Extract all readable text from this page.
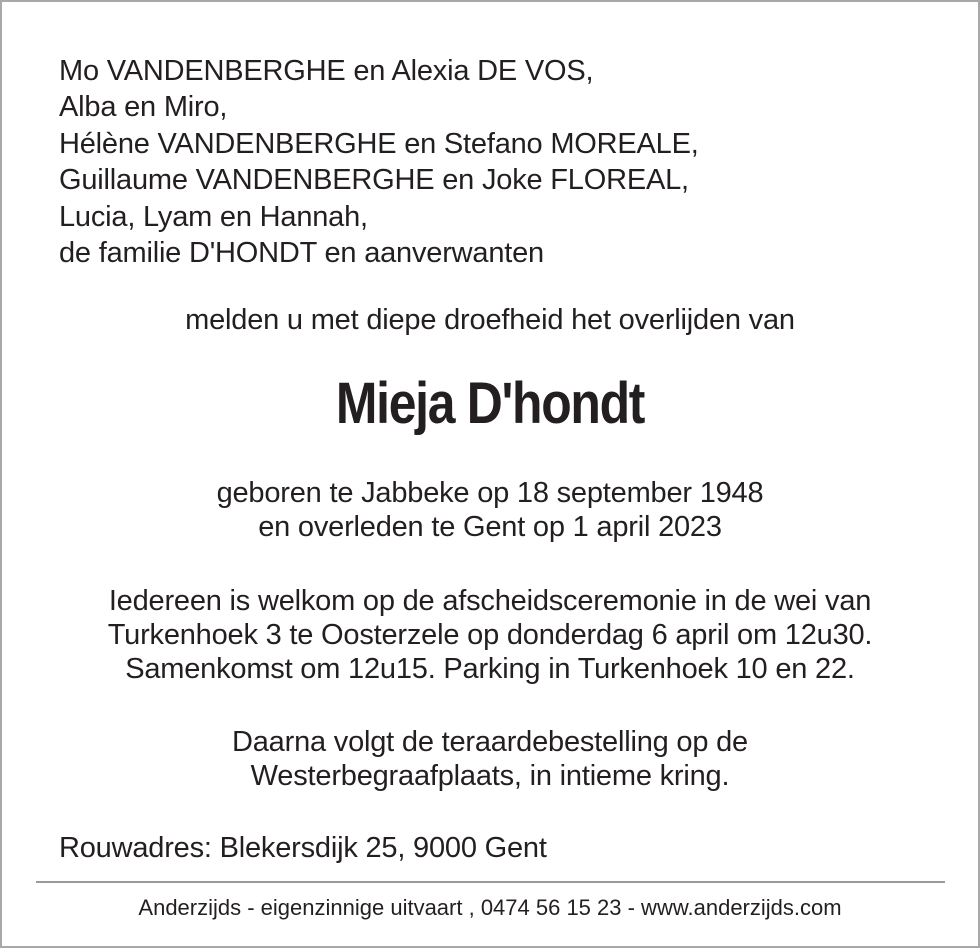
Mo VANDENBERGHE en Alexia DE VOS,
Alba en Miro,
Hélène VANDENBERGHE en Stefano MOREALE,
Guillaume VANDENBERGHE en Joke FLOREAL,
Lucia, Lyam en Hannah,
de familie D'HONDT en aanverwanten
melden u met diepe droefheid het overlijden van
Mieja D'hondt
geboren te Jabbeke op 18 september 1948
en overleden te Gent op 1 april 2023
Iedereen is welkom op de afscheidsceremonie in de wei van
Turkenhoek 3 te Oosterzele op donderdag 6 april om 12u30.
Samenkomst om 12u15. Parking in Turkenhoek 10 en 22.
Daarna volgt de teraardebestelling op de
Westerbegraafplaats, in intieme kring.
Rouwadres: Blekersdijk 25, 9000 Gent
Anderzijds - eigenzinnige uitvaart , 0474 56 15 23 - www.anderzijds.com
